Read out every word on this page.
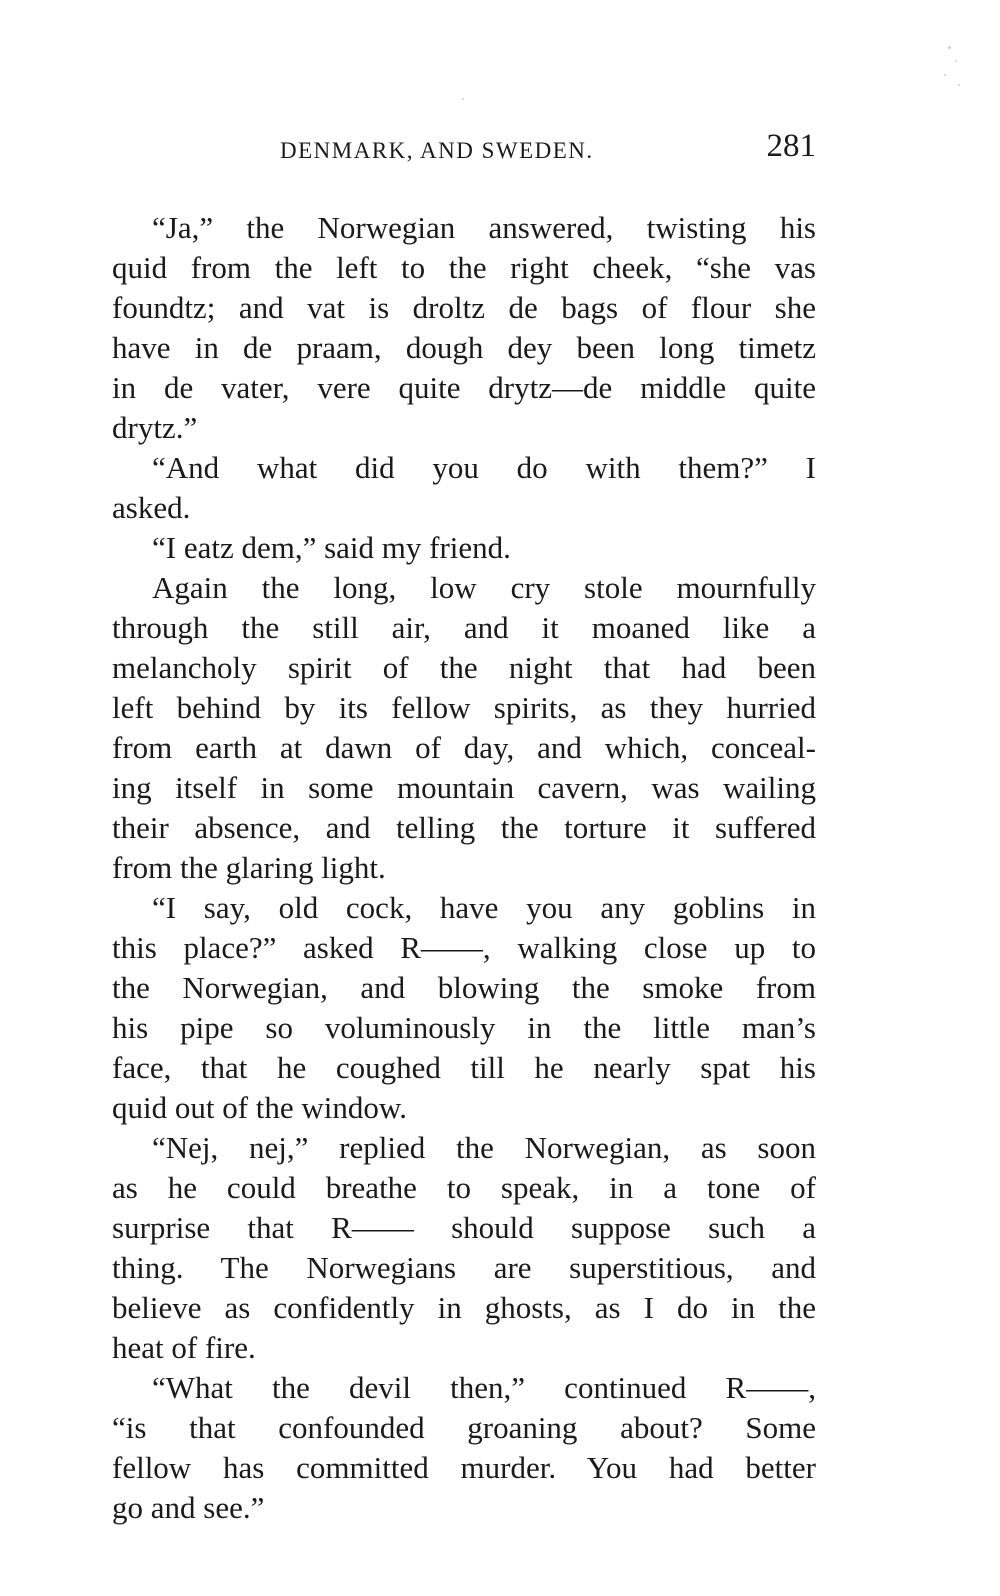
DENMARK, AND SWEDEN.	281
“Ja,” the Norwegian answered, twisting his
quid from the left to the right cheek, “she vas
foundtz; and vat is droltz de bags of flour she
have in de praam, dough dey been long timetz
in de vater, vere quite drytz—de middle quite
drytz.”
“And what did you do with them?” I
asked.
“I eatz dem,” said my friend.
Again the long, low cry stole mournfully
through the still air, and it moaned like a
melancholy spirit of the night that had been
left behind by its fellow spirits, as they hurried
from earth at dawn of day, and which, conceal-
ing itself in some mountain cavern, was wailing
their absence, and telling the torture it suffered
from the glaring light.
“I say, old cock, have you any goblins in
this place?” asked R——, walking close up to
the Norwegian, and blowing the smoke from
his pipe so voluminously in the little man’s
face, that he coughed till he nearly spat his
quid out of the window.
“Nej, nej,” replied the Norwegian, as soon
as he could breathe to speak, in a tone of
surprise that R—— should suppose such a
thing. The Norwegians are superstitious, and
believe as confidently in ghosts, as I do in the
heat of fire.
“What the devil then,” continued R——,
“is that confounded groaning about? Some
fellow has committed murder. You had better
go and see.”
